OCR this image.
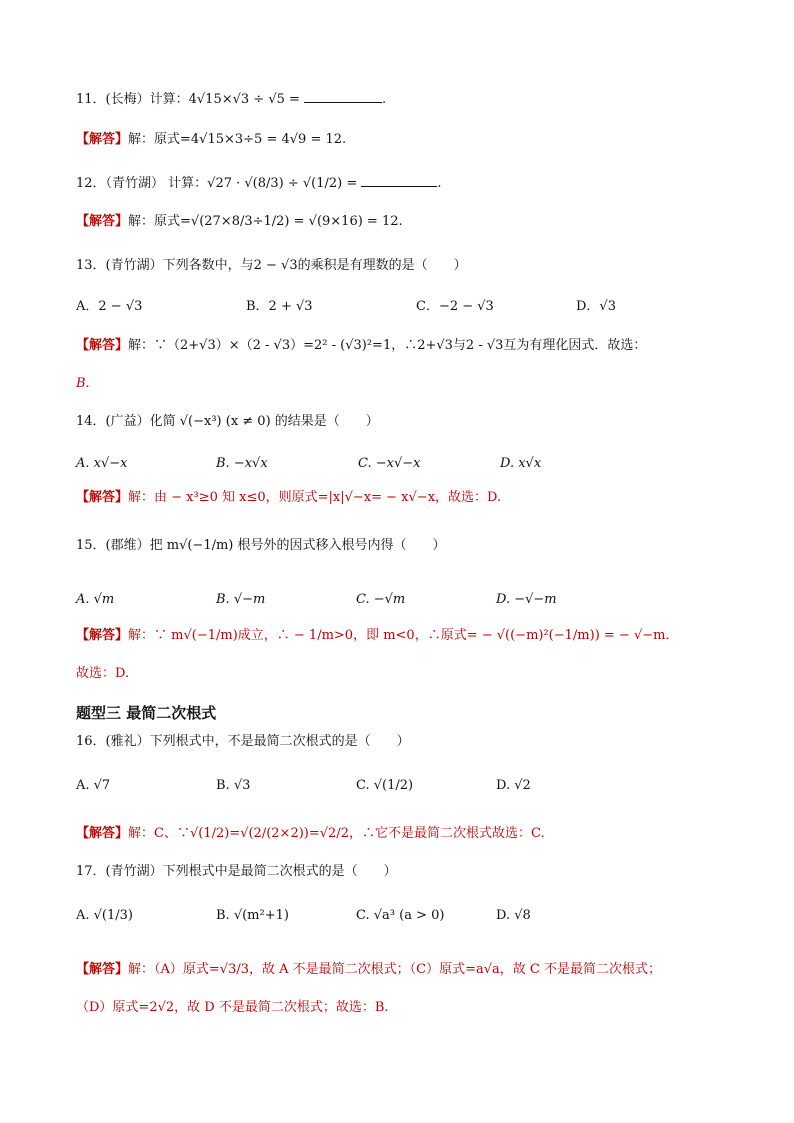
11．(长梅）计算：4√15×√3 ÷ √5 =	.
【解答】解：原式=4√15×3÷5 = 4√9 = 12.
12．（青竹湖） 计算：√27 · √(8/3) ÷ √(1/2) =	.
【解答】解：原式=√(27×8/3÷1/2) = √(9×16) = 12.
13．(青竹湖）下列各数中，与2 − √3的乘积是有理数的是（　　）
A．2 − √3	B．2 + √3	C．−2 − √3	D．√3
【解答】解：∵（2+√3）×（2 - √3）=2² - (√3)²=1，∴2+√3与2 - √3互为有理化因式．故选：
B.
14．(广益）化简 √(−x³) (x ≠ 0) 的结果是（　　）
A. x√−x	B. −x√x	C. −x√−x	D. x√x
【解答】解：由 − x³≥0 知 x≤0，则原式=|x|√−x= − x√−x，故选：D.
15．(郡维）把 m√(−1/m) 根号外的因式移入根号内得（　　）
A. √m	B. √−m	C. −√m	D. −√−m
【解答】解：∵ m√(−1/m)成立，∴ − 1/m>0，即 m<0，∴原式= − √((−m)²(−1/m)) = − √−m．
故选：D.
题型三 最简二次根式
16．(雅礼）下列根式中，不是最简二次根式的是（　　）
A. √7	B. √3	C. √(1/2)	D. √2
【解答】解：C、∵√(1/2)=√(2/(2×2))=√2/2，∴它不是最简二次根式故选：C.
17．(青竹湖）下列根式中是最简二次根式的是（　　）
A. √(1/3)	B. √(m²+1)	C. √a³ (a > 0)	D. √8
【解答】解：（A）原式=√3/3，故 A 不是最简二次根式；（C）原式=a√a，故 C 不是最简二次根式；
（D）原式=2√2，故 D 不是最简二次根式；故选：B.
